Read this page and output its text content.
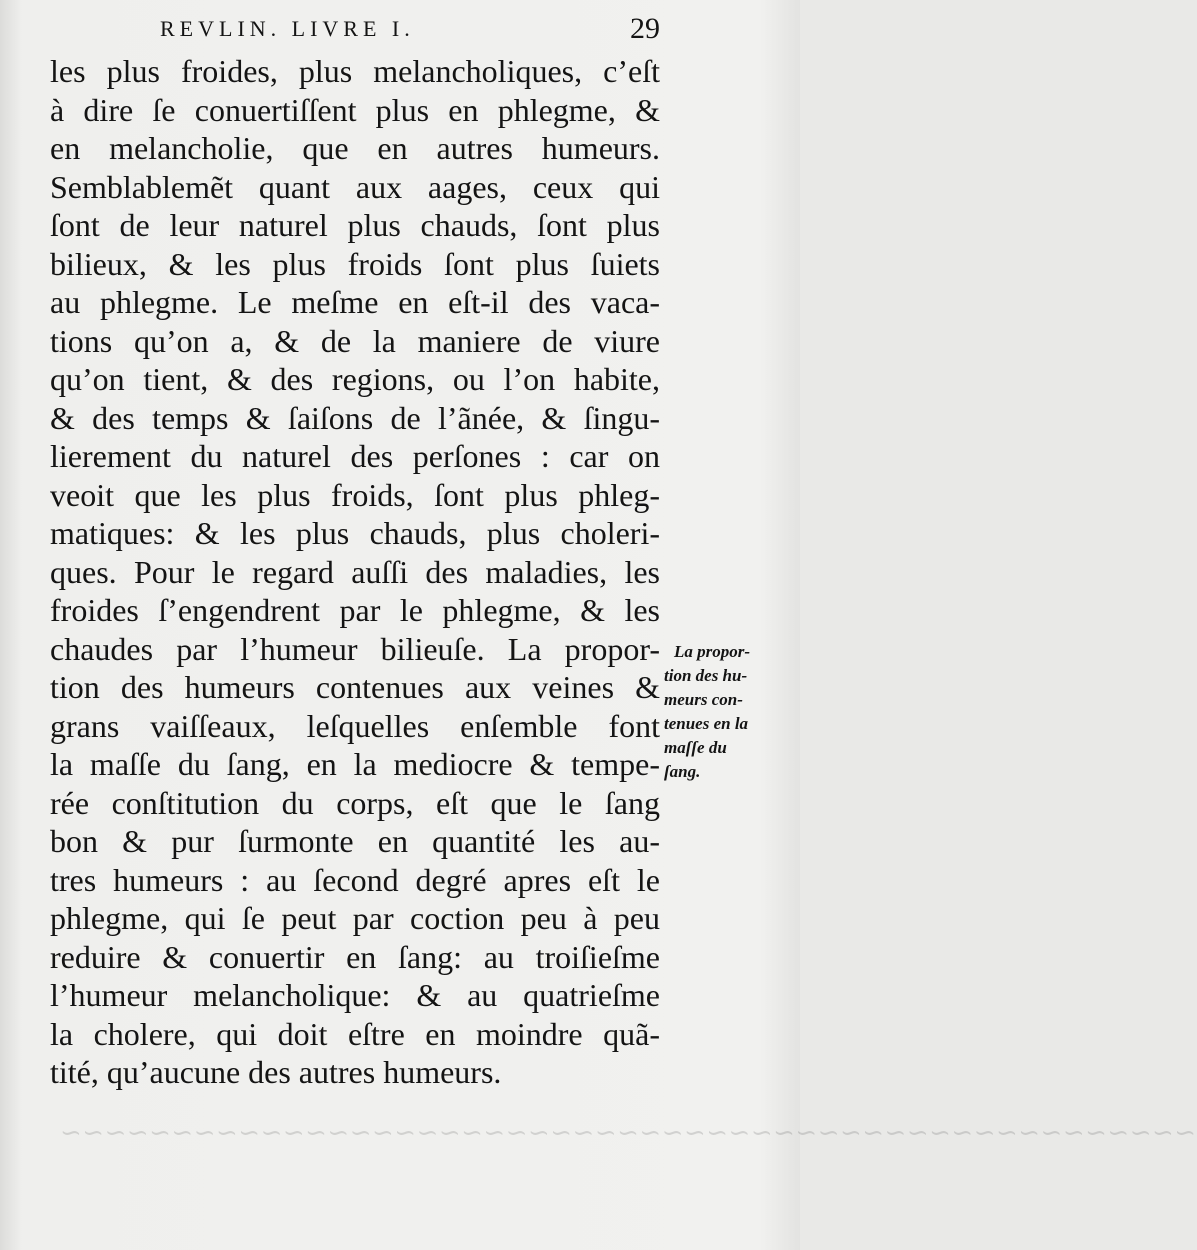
~~~~~~~~~~~~~~~~~~~~~~~~~~~~~~~~~~~~~~~~~~~~~~~~~~~
REVLIN. LIVRE I.	29
les plus froides, plus melancholiques, c’eſt
à dire ſe conuertiſſent plus en phlegme, &
en melancholie, que en autres humeurs.
Semblablemẽt quant aux aages, ceux qui
ſont de leur naturel plus chauds, ſont plus
bilieux, & les plus froids ſont plus ſuiets
au phlegme. Le meſme en eſt-il des vaca-
tions qu’on a, & de la maniere de viure
qu’on tient, & des regions, ou l’on habite,
& des temps & ſaiſons de l’ãnée, & ſingu-
lierement du naturel des perſones : car on
veoit que les plus froids, ſont plus phleg-
matiques: & les plus chauds, plus choleri-
ques. Pour le regard auſſi des maladies, les
froides ſ’engendrent par le phlegme, & les
chaudes par l’humeur bilieuſe. La propor-
tion des humeurs contenues aux veines &
grans vaiſſeaux, leſquelles enſemble font
la maſſe du ſang, en la mediocre & tempe-
rée conſtitution du corps, eſt que le ſang
bon & pur ſurmonte en quantité les au-
tres humeurs : au ſecond degré apres eſt le
phlegme, qui ſe peut par coction peu à peu
reduire & conuertir en ſang: au troiſieſme
l’humeur melancholique: & au quatrieſme
la cholere, qui doit eſtre en moindre quã-
tité, qu’aucune des autres humeurs.
La propor-
tion des hu-
meurs con-
tenues en la
maſſe du
ſang.
